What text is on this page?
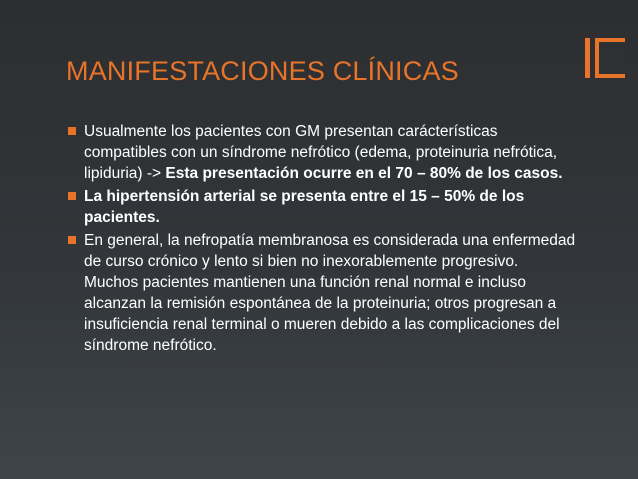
MANIFESTACIONES CLÍNICAS
Usualmente los pacientes con GM presentan carácterísticas compatibles con un síndrome nefrótico (edema, proteinuria nefrótica, lipiduria) -> Esta presentación ocurre en el 70 – 80% de los casos.
La hipertensión arterial se presenta entre el 15 – 50% de los pacientes.
En general, la nefropatía membranosa es considerada una enfermedad de curso crónico y lento si bien no inexorablemente progresivo. Muchos pacientes mantienen una función renal normal e incluso alcanzan la remisión espontánea de la proteinuria; otros progresan a insuficiencia renal terminal o mueren debido a las complicaciones del síndrome nefrótico.
